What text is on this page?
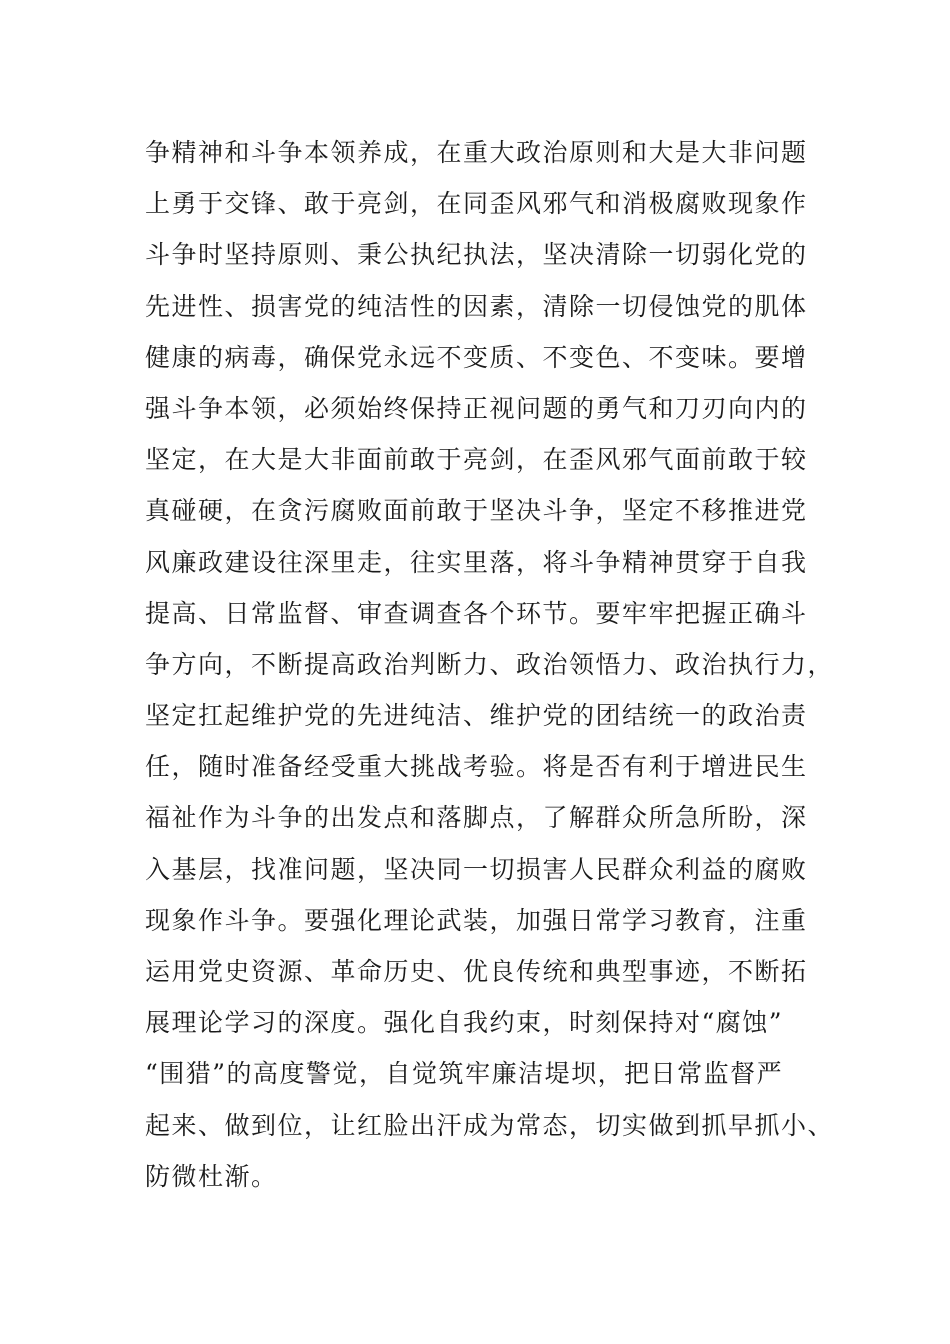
争精神和斗争本领养成，在重大政治原则和大是大非问题
上勇于交锋、敢于亮剑，在同歪风邪气和消极腐败现象作
斗争时坚持原则、秉公执纪执法，坚决清除一切弱化党的
先进性、损害党的纯洁性的因素，清除一切侵蚀党的肌体
健康的病毒，确保党永远不变质、不变色、不变味。要增
强斗争本领，必须始终保持正视问题的勇气和刀刃向内的
坚定，在大是大非面前敢于亮剑，在歪风邪气面前敢于较
真碰硬，在贪污腐败面前敢于坚决斗争，坚定不移推进党
风廉政建设往深里走，往实里落，将斗争精神贯穿于自我
提高、日常监督、审查调查各个环节。要牢牢把握正确斗
争方向，不断提高政治判断力、政治领悟力、政治执行力，
坚定扛起维护党的先进纯洁、维护党的团结统一的政治责
任，随时准备经受重大挑战考验。将是否有利于增进民生
福祉作为斗争的出发点和落脚点，了解群众所急所盼，深
入基层，找准问题，坚决同一切损害人民群众利益的腐败
现象作斗争。要强化理论武装，加强日常学习教育，注重
运用党史资源、革命历史、优良传统和典型事迹，不断拓
展理论学习的深度。强化自我约束，时刻保持对“腐蚀”
“围猎”的高度警觉，自觉筑牢廉洁堤坝，把日常监督严
起来、做到位，让红脸出汗成为常态，切实做到抓早抓小、
防微杜渐。
